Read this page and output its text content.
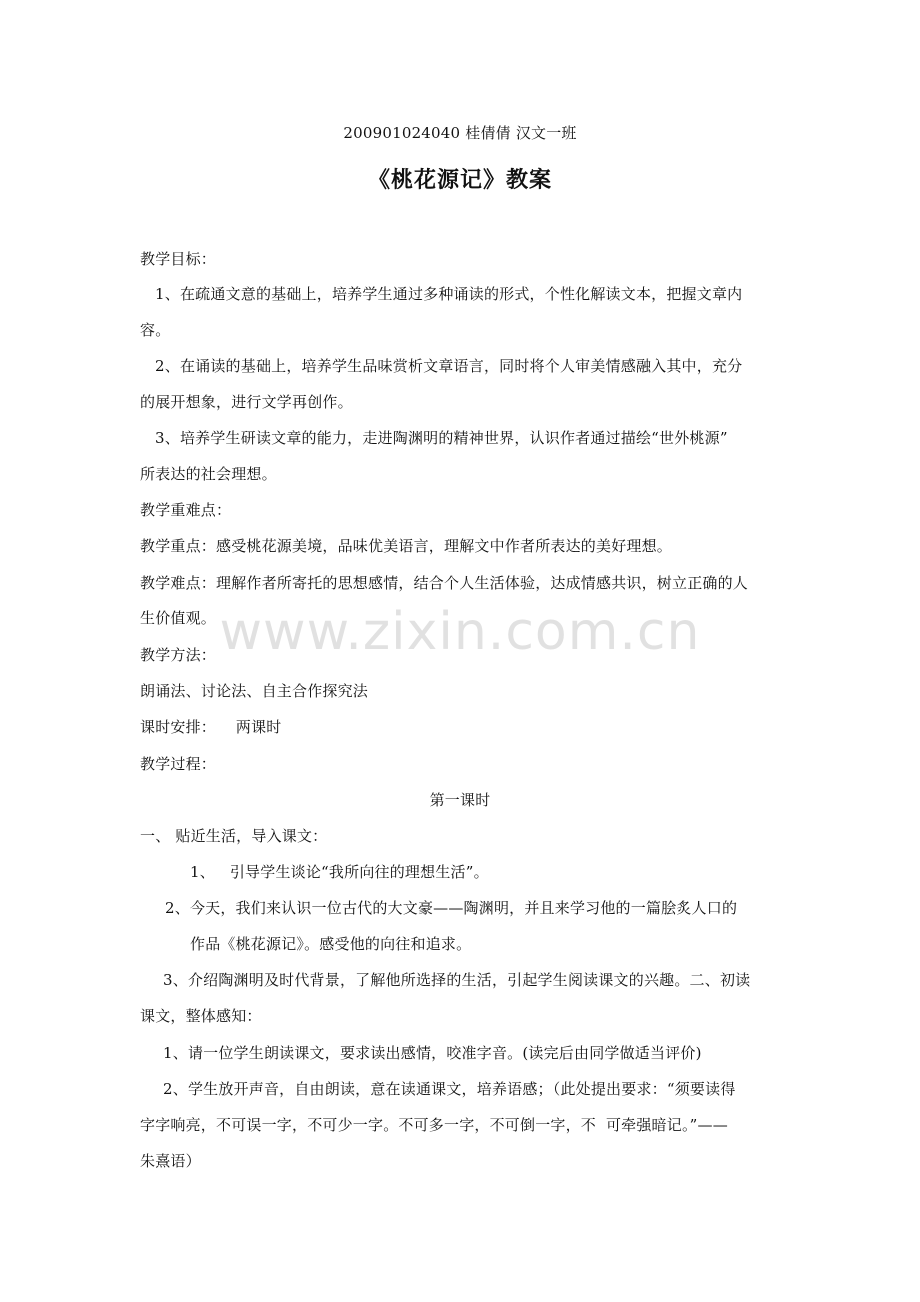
200901024040 桂倩倩 汉文一班
《桃花源记》教案
教学目标：
1、在疏通文意的基础上，培养学生通过多种诵读的形式，个性化解读文本，把握文章内
容。
2、在诵读的基础上，培养学生品味赏析文章语言，同时将个人审美情感融入其中，充分
的展开想象，进行文学再创作。
3、培养学生研读文章的能力，走进陶渊明的精神世界，认识作者通过描绘“世外桃源”
所表达的社会理想。
教学重难点：
教学重点：感受桃花源美境，品味优美语言，理解文中作者所表达的美好理想。
教学难点：理解作者所寄托的思想感情，结合个人生活体验，达成情感共识，树立正确的人
生价值观。
教学方法：
朗诵法、讨论法、自主合作探究法
课时安排：    两课时
教学过程：
第一课时
一、 贴近生活，导入课文：
1、   引导学生谈论“我所向往的理想生活”。
2、今天，我们来认识一位古代的大文豪——陶渊明，并且来学习他的一篇脍炙人口的
作品《桃花源记》。感受他的向往和追求。
3、介绍陶渊明及时代背景，了解他所选择的生活，引起学生阅读课文的兴趣。二、初读
课文，整体感知：
1、请一位学生朗读课文，要求读出感情，咬准字音。(读完后由同学做适当评价)
2、学生放开声音，自由朗读，意在读通课文，培养语感；（此处提出要求：“须要读得
字字响亮，不可误一字，不可少一字。不可多一字，不可倒一字，不  可牵强暗记。”——
朱熹语）
www.zixin.com.cn
